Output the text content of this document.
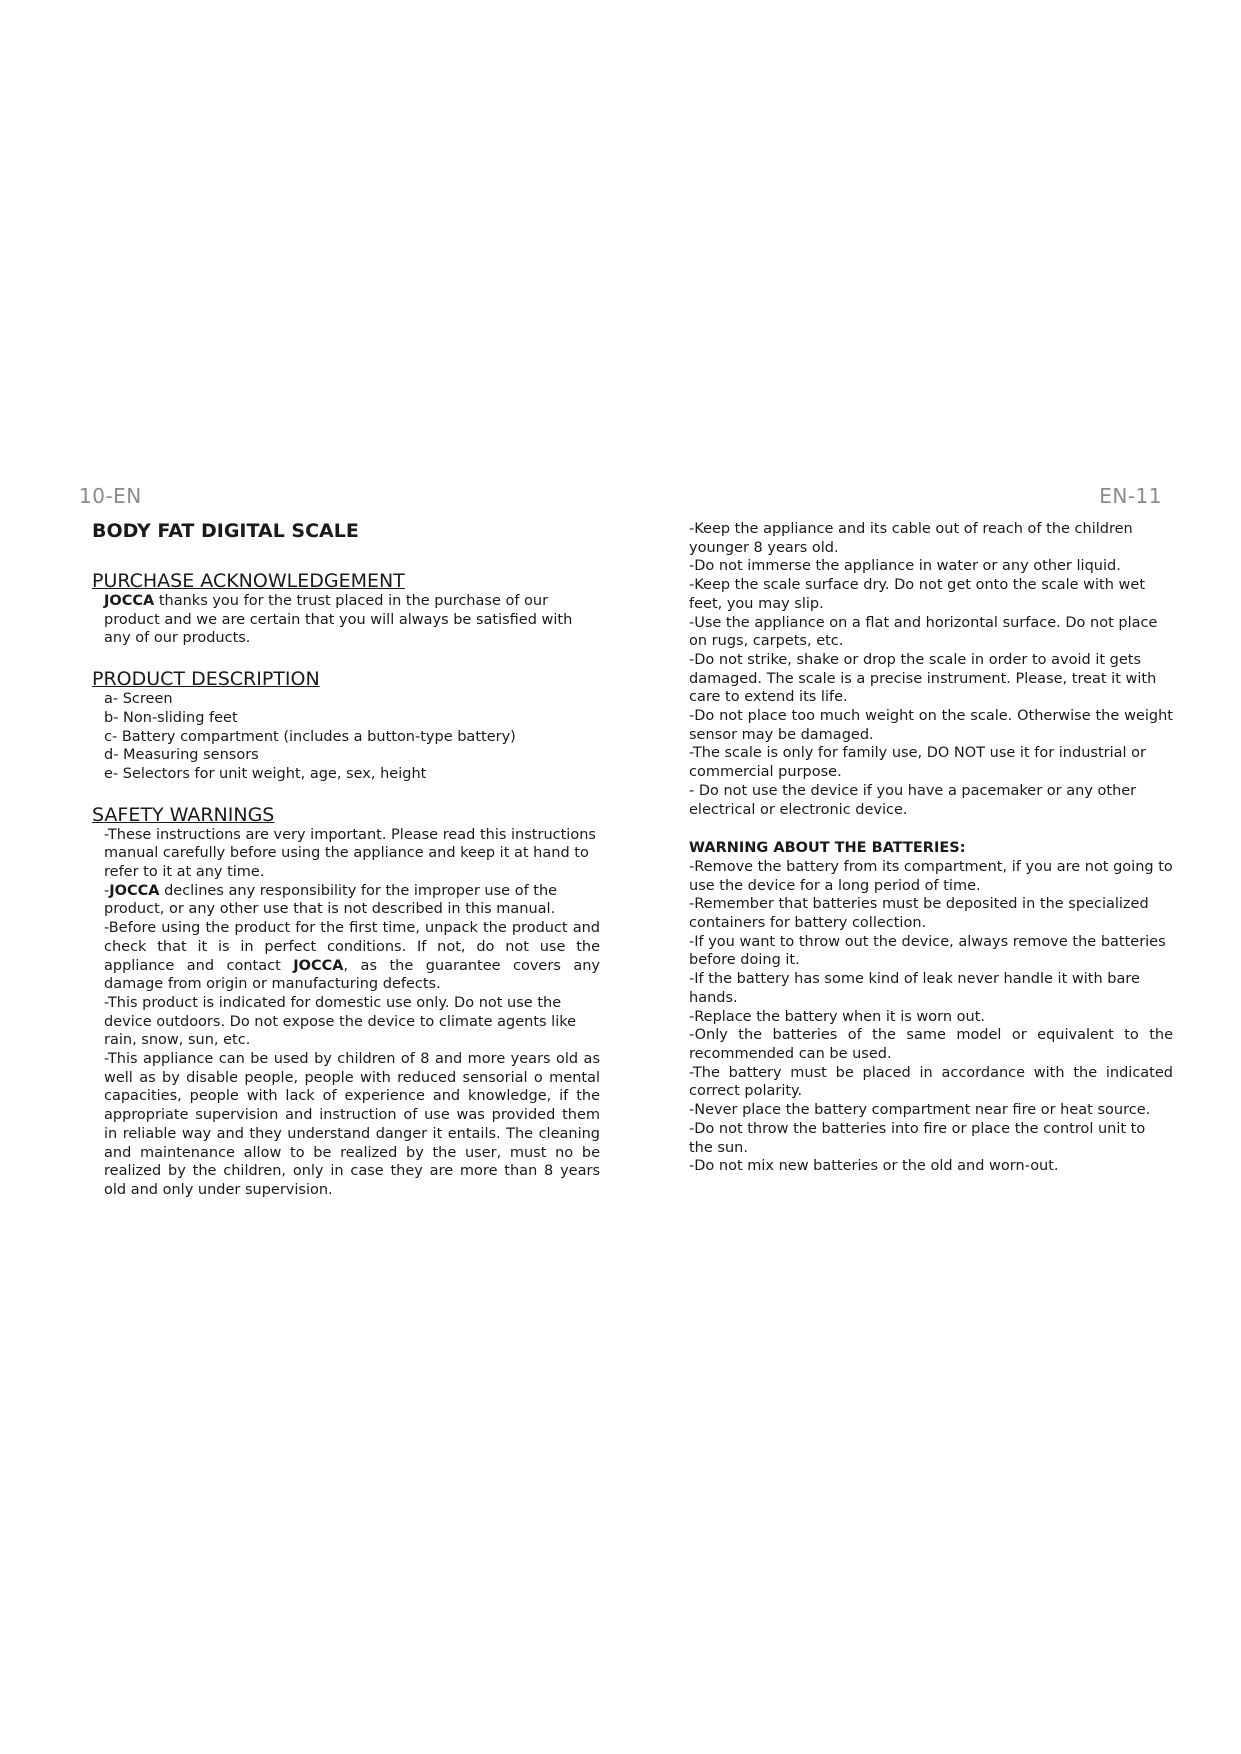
10-EN	EN-11
BODY FAT DIGITAL SCALE
PURCHASE ACKNOWLEDGEMENT

JOCCA thanks you for the trust placed in the purchase of our product and we are certain that you will always be satisfied with any of our products.

PRODUCT DESCRIPTION
a- Screen
b- Non-sliding feet
c- Battery compartment (includes a button-type battery)
d- Measuring sensors
e- Selectors for unit weight, age, sex, height
SAFETY WARNINGS

-These instructions are very important. Please read this instructions manual carefully before using the appliance and keep it at hand to refer to it at any time.

-JOCCA declines any responsibility for the improper use of the product, or any other use that is not described in this manual.

-Before using the product for the first time, unpack the product and check that it is in perfect conditions. If not, do not use the appliance and contact JOCCA, as the guarantee covers any damage from origin or manufacturing defects.

-This product is indicated for domestic use only. Do not use the device outdoors. Do not expose the device to climate agents like rain, snow, sun, etc.

-This appliance can be used by children of 8 and more years old as well as by disable people, people with reduced sensorial o mental capacities, people with lack of experience and knowledge, if the appropriate supervision and instruction of use was provided them in reliable way and they understand danger it entails. The cleaning and maintenance allow to be realized by the user, must no be realized by the children, only in case they are more than 8 years old and only under supervision.

-Keep the appliance and its cable out of reach of the children younger 8 years old.

-Do not immerse the appliance in water or any other liquid.

-Keep the scale surface dry. Do not get onto the scale with wet feet, you may slip.

-Use the appliance on a flat and horizontal surface. Do not place on rugs, carpets, etc.

-Do not strike, shake or drop the scale in order to avoid it gets damaged. The scale is a precise instrument. Please, treat it with care to extend its life.

-Do not place too much weight on the scale. Otherwise the weight sensor may be damaged.

-The scale is only for family use, DO NOT use it for industrial or commercial purpose.

- Do not use the device if you have a pacemaker or any other electrical or electronic device.

WARNING ABOUT THE BATTERIES:

-Remove the battery from its compartment, if you are not going to use the device for a long period of time.

-Remember that batteries must be deposited in the specialized containers for battery collection.

-If you want to throw out the device, always remove the batteries before doing it.

-If the battery has some kind of leak never handle it with bare hands.

-Replace the battery when it is worn out.

-Only the batteries of the same model or equivalent to the recommended can be used.

-The battery must be placed in accordance with the indicated correct polarity.

-Never place the battery compartment near fire or heat source.

-Do not throw the batteries into fire or place the control unit to the sun.

-Do not mix new batteries or the old and worn-out.
